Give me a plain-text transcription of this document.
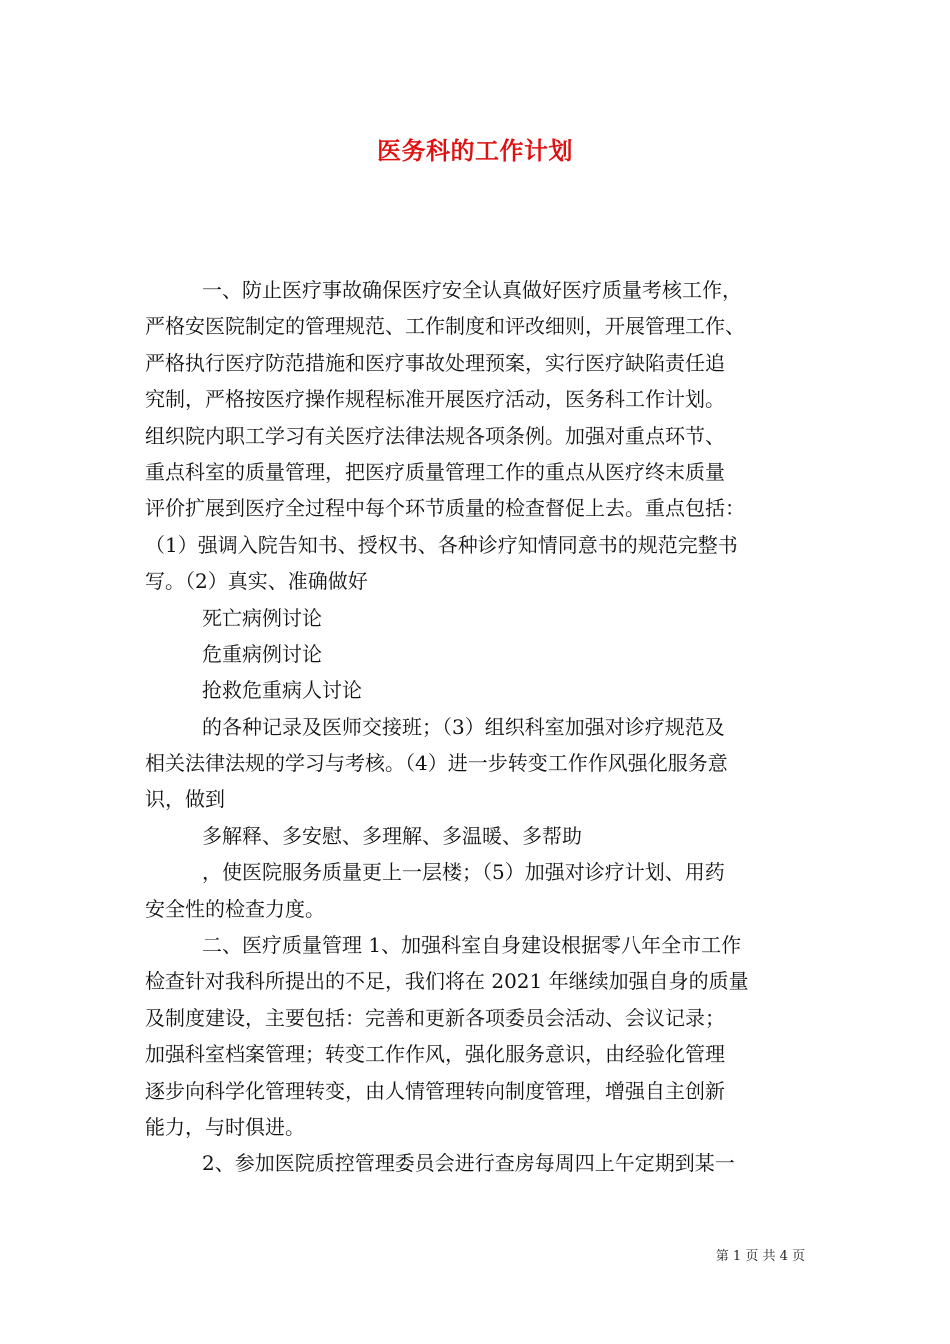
医务科的工作计划
一、防止医疗事故确保医疗安全认真做好医疗质量考核工作，
严格安医院制定的管理规范、工作制度和评改细则，开展管理工作、
严格执行医疗防范措施和医疗事故处理预案，实行医疗缺陷责任追
究制，严格按医疗操作规程标准开展医疗活动，医务科工作计划。
组织院内职工学习有关医疗法律法规各项条例。加强对重点环节、
重点科室的质量管理，把医疗质量管理工作的重点从医疗终末质量
评价扩展到医疗全过程中每个环节质量的检查督促上去。重点包括：
（1）强调入院告知书、授权书、各种诊疗知情同意书的规范完整书
写。（2）真实、准确做好
死亡病例讨论
危重病例讨论
抢救危重病人讨论
的各种记录及医师交接班；（3）组织科室加强对诊疗规范及
相关法律法规的学习与考核。（4）进一步转变工作作风强化服务意
识，做到
多解释、多安慰、多理解、多温暖、多帮助
，使医院服务质量更上一层楼；（5）加强对诊疗计划、用药
安全性的检查力度。
二、医疗质量管理 1、加强科室自身建设根据零八年全市工作
检查针对我科所提出的不足，我们将在 2021 年继续加强自身的质量
及制度建设，主要包括：完善和更新各项委员会活动、会议记录；
加强科室档案管理；转变工作作风，强化服务意识，由经验化管理
逐步向科学化管理转变，由人情管理转向制度管理，增强自主创新
能力，与时俱进。
2、参加医院质控管理委员会进行查房每周四上午定期到某一
第 1 页 共 4 页
